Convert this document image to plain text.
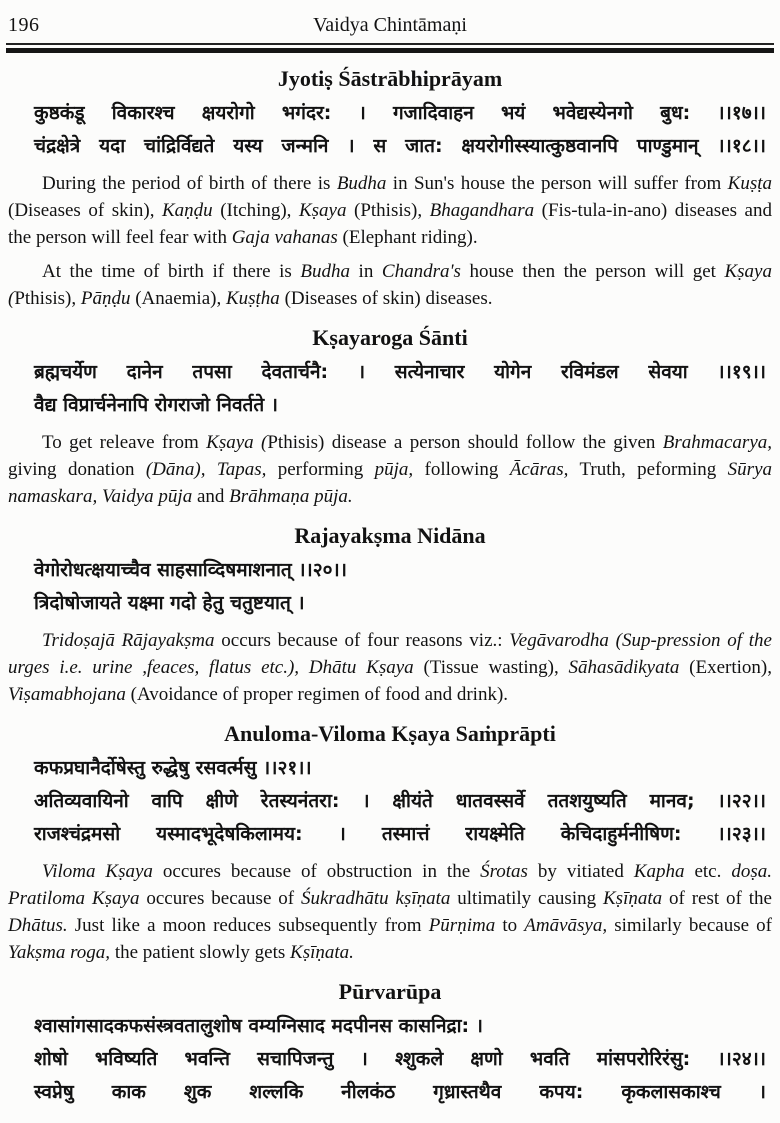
196	Vaidya Chintāmaṇi
Jyotiṣ Śāstrābhiprāyam
कुष्ठकंडू विकारश्च क्षयरोगो भगंदर: । गजादिवाहन भयं भवेद्यस्येनगो बुध: ।।१७।।
चंद्रक्षेत्रे यदा चांद्रिर्विद्यते यस्य जन्मनि । स जात: क्षयरोगीस्स्यात्कुष्ठवानपि पाण्डुमान् ।।१८।।

During the period of birth of there is Budha in Sun's house the person will suffer from Kuṣṭa (Diseases of skin), Kaṇḍu (Itching), Kṣaya (Pthisis), Bhagandhara (Fis-tula-in-ano) diseases and the person will feel fear with Gaja vahanas (Elephant riding).

At the time of birth if there is Budha in Chandra's house then the person will get Kṣaya (Pthisis), Pāṇḍu (Anaemia), Kuṣṭha (Diseases of skin) diseases.

Kṣayaroga Śānti
ब्रह्मचर्येण दानेन तपसा देवतार्चनै: । सत्येनाचार योगेन रविमंडल सेवया ।।१९।।
वैद्य विप्रार्चनेनापि रोगराजो निवर्तते ।

To get releave from Kṣaya (Pthisis) disease a person should follow the given Brahmacarya, giving donation (Dāna), Tapas, performing pūja, following Ācāras, Truth, peforming Sūrya namaskara, Vaidya pūja and Brāhmaṇa pūja.

Rajayakṣma Nidāna
वेगोरोधत्क्षयाच्चैव साहसाव्दिषमाशनात् ।।२०।।
त्रिदोषोजायते यक्ष्मा गदो हेतु चतुष्टयात् ।

Tridoṣajā Rājayakṣma occurs because of four reasons viz.: Vegāvarodha (Sup-pression of the urges i.e. urine ,feaces, flatus etc.), Dhātu Kṣaya (Tissue wasting), Sāhasādikyata (Exertion), Viṣamabhojana (Avoidance of proper regimen of food and drink).

Anuloma-Viloma Kṣaya Saṁprāpti
कफप्रघानैर्दोषेस्तु रुद्धेषु रसवर्त्मसु ।।२१।।
अतिव्यवायिनो वापि क्षीणे रेतस्यनंतरा: । क्षीयंते धातवस्सर्वे ततशयुष्यति मानव; ।।२२।।
राजश्चंद्रमसो यस्मादभूदेषकिलामय: । तस्मात्तं रायक्ष्मेति केचिदाहुर्मनीषिण: ।।२३।।

Viloma Kṣaya occures because of obstruction in the Śrotas by vitiated Kapha etc. doṣa. Pratiloma Kṣaya occures because of Śukradhātu kṣīṇata ultimatily causing Kṣīṇata of rest of the Dhātus. Just like a moon reduces subsequently from Pūrṇima to Amāvāsya, similarly because of Yakṣma roga, the patient slowly gets Kṣīṇata.

Pūrvarūpa
श्वासांगसादकफसंस्त्रवतालुशोष वम्यग्निसाद मदपीनस कासनिद्रा: ।
शोषो भविष्यति भवन्ति सचापिजन्तु । श्शुकले क्षणो भवति मांसपरोरिरंसु: ।।२४।।
स्वप्नेषु काक शुक शल्लकि नीलकंठ गृध्रास्तथैव कपय: कृकलासकाश्च ।
